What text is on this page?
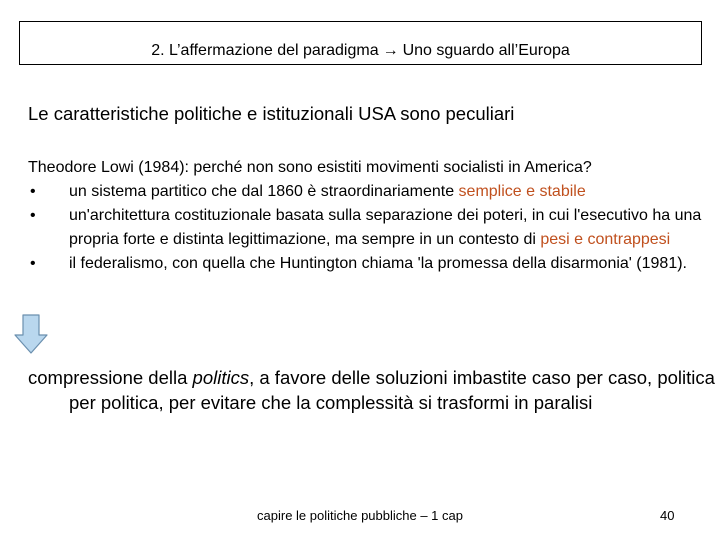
2. L’affermazione del paradigma → Uno sguardo all’Europa
Le caratteristiche politiche e istituzionali USA sono peculiari
Theodore Lowi (1984): perché non sono esistiti movimenti socialisti in America?
• un sistema partitico che dal 1860 è straordinariamente semplice e stabile
• un'architettura costituzionale basata sulla separazione dei poteri, in cui l'esecutivo ha una propria forte e distinta legittimazione, ma sempre in un contesto di pesi e contrappesi
• il federalismo, con quella che Huntington chiama 'la promessa della disarmonia' (1981).
compressione della politics, a favore delle soluzioni imbastite caso per caso, politica per politica, per evitare che la complessità si trasformi in paralisi
capire le politiche pubbliche – 1 cap	40
